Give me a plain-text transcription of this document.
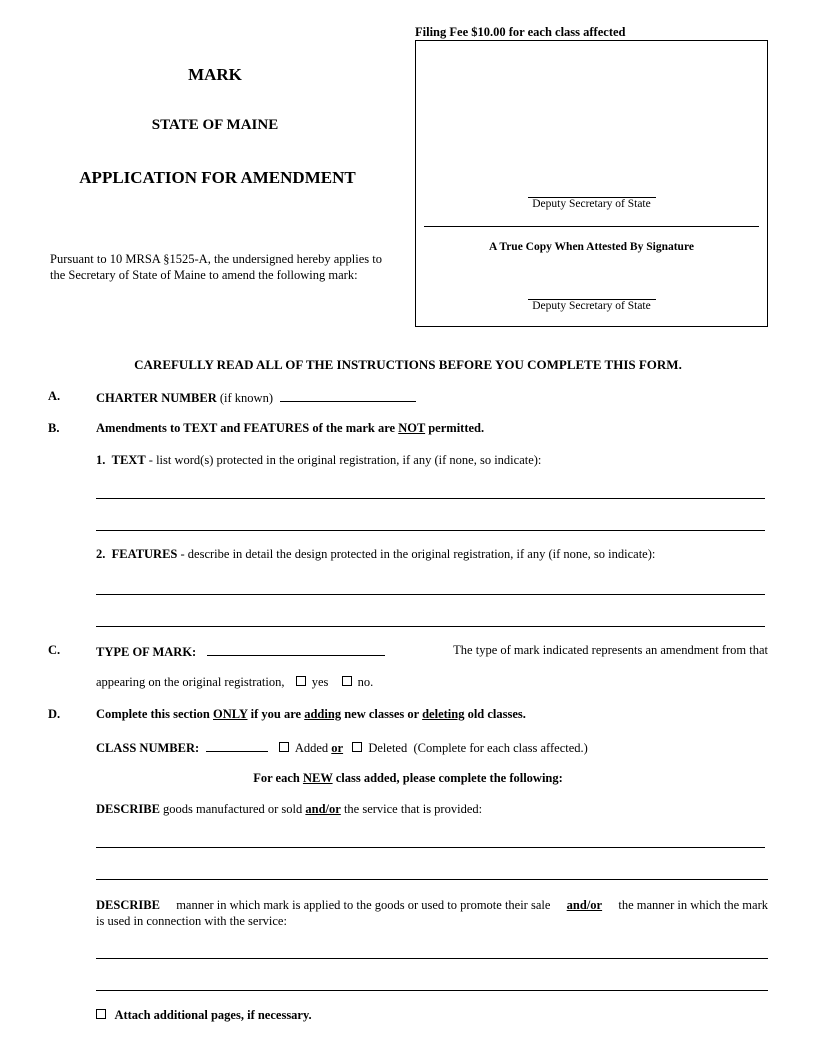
Filing Fee $10.00 for each class affected
MARK
STATE OF MAINE
APPLICATION FOR AMENDMENT
Pursuant to 10 MRSA §1525-A, the undersigned hereby applies to the Secretary of State of Maine to amend the following mark:
Deputy Secretary of State
A True Copy When Attested By Signature
Deputy Secretary of State
CAREFULLY READ ALL OF THE INSTRUCTIONS BEFORE YOU COMPLETE THIS FORM.
A.	CHARTER NUMBER (if known)
B.	Amendments to TEXT and FEATURES of the mark are NOT permitted.
1. TEXT - list word(s) protected in the original registration, if any (if none, so indicate):
2. FEATURES - describe in detail the design protected in the original registration, if any (if none, so indicate):
C.	TYPE OF MARK:	The type of mark indicated represents an amendment from that
appearing on the original registration, yes no.
D.	Complete this section ONLY if you are adding new classes or deleting old classes.
CLASS NUMBER:	Added or Deleted (Complete for each class affected.)
For each NEW class added, please complete the following:
DESCRIBE goods manufactured or sold and/or the service that is provided:
DESCRIBE manner in which mark is applied to the goods or used to promote their sale and/or the manner in which the mark
is used in connection with the service:
Attach additional pages, if necessary.
